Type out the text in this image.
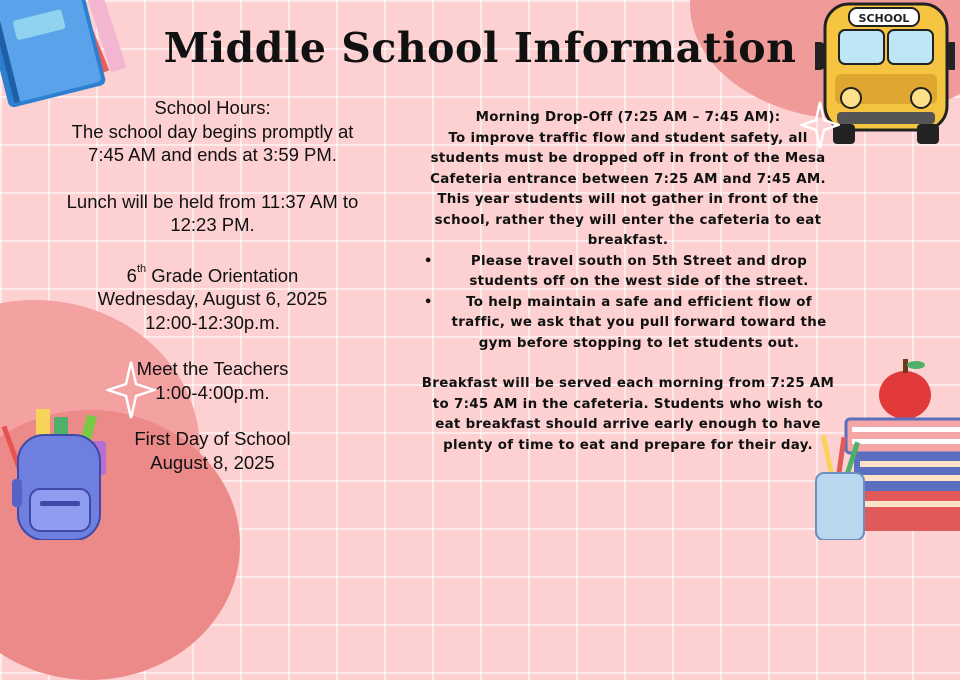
SCHOOL
Middle School Information

School Hours:

The school day begins promptly at

7:45 AM and ends at 3:59 PM.

Lunch will be held from 11:37 AM to

12:23 PM.

6th Grade Orientation

Wednesday, August 6, 2025

12:00-12:30p.m.

Meet the Teachers

1:00-4:00p.m.

First Day of School

August 8, 2025

Morning Drop-Off (7:25 AM – 7:45 AM):

To improve traffic flow and student safety, all students must be dropped off in front of the Mesa Cafeteria entrance between 7:25 AM and 7:45 AM. This year students will not gather in front of the school, rather they will enter the cafeteria to eat breakfast.

•	Please travel south on 5th Street and drop students off on the west side of the street.
• To help maintain a safe and efficient flow of traffic, we ask that you pull forward toward the gym before stopping to let students out.

Breakfast will be served each morning from 7:25 AM to 7:45 AM in the cafeteria. Students who wish to eat breakfast should arrive early enough to have plenty of time to eat and prepare for their day.
